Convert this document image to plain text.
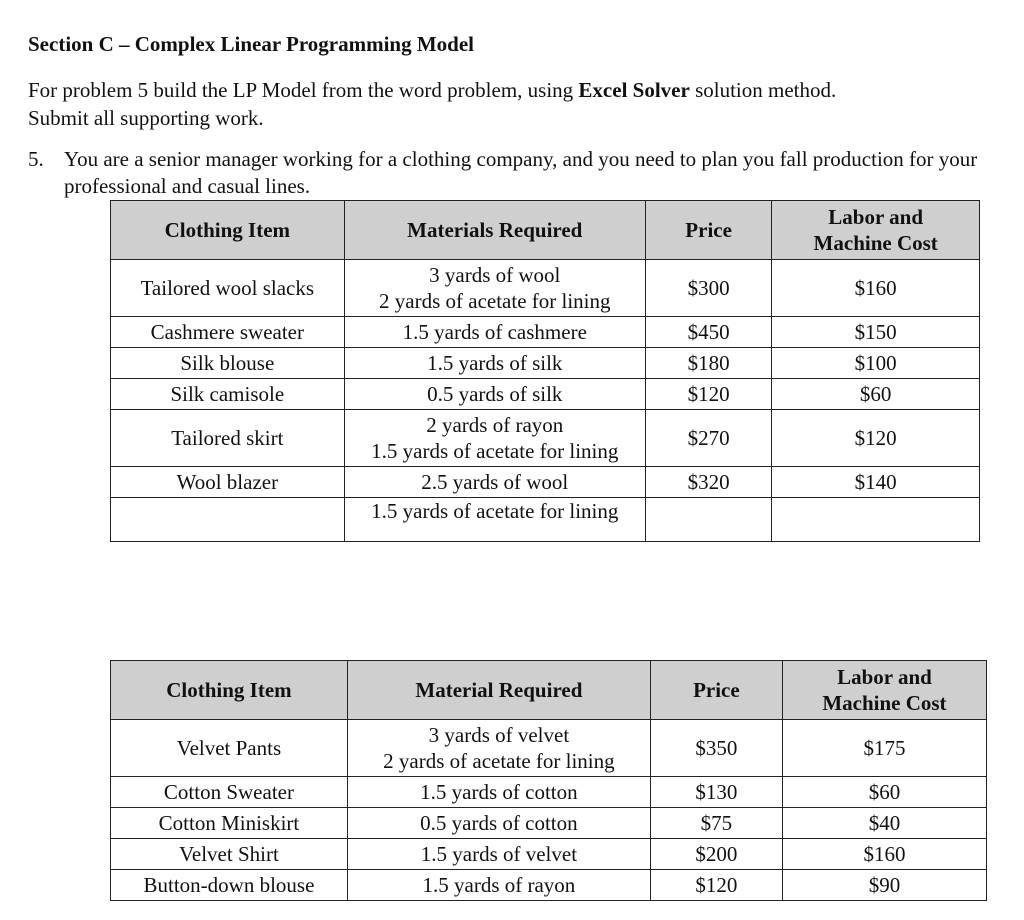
Section C – Complex Linear Programming Model
For problem 5 build the LP Model from the word problem, using Excel Solver solution method.
Submit all supporting work.
5. You are a senior manager working for a clothing company, and you need to plan you fall production for your professional and casual lines.
Clothing Item	Materials Required	Price	Labor and
Machine Cost
Tailored wool slacks	3 yards of wool
2 yards of acetate for lining	$300	$160
Cashmere sweater	1.5 yards of cashmere	$450	$150
Silk blouse	1.5 yards of silk	$180	$100
Silk camisole	0.5 yards of silk	$120	$60
Tailored skirt	2 yards of rayon
1.5 yards of acetate for lining	$270	$120
Wool blazer	2.5 yards of wool	$320	$140
	1.5 yards of acetate for lining		
Clothing Item	Material Required	Price	Labor and
Machine Cost
Velvet Pants	3 yards of velvet
2 yards of acetate for lining	$350	$175
Cotton Sweater	1.5 yards of cotton	$130	$60
Cotton Miniskirt	0.5 yards of cotton	$75	$40
Velvet Shirt	1.5 yards of velvet	$200	$160
Button-down blouse	1.5 yards of rayon	$120	$90
